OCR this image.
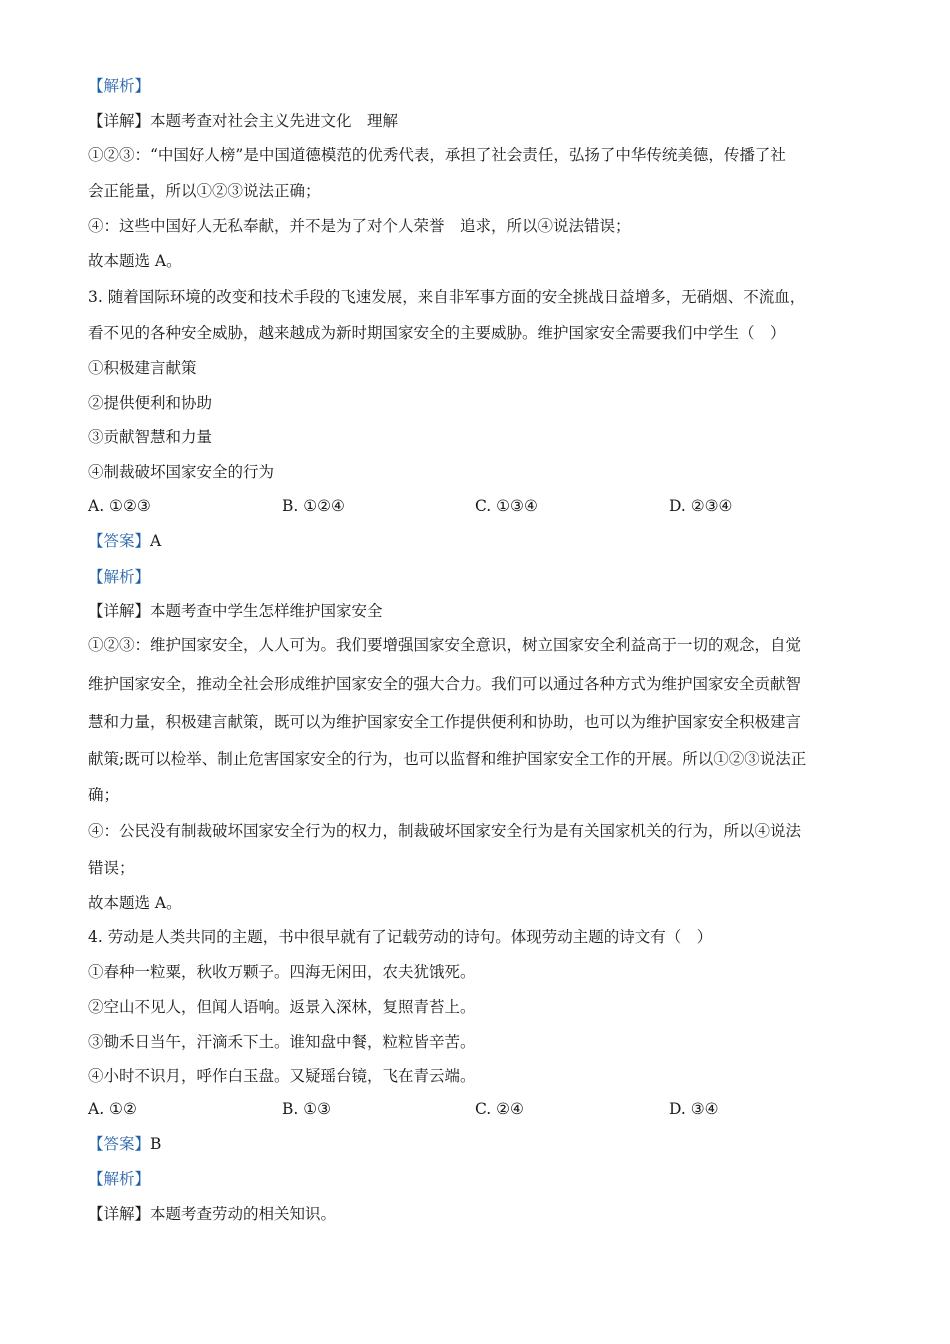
【解析】

【详解】本题考查对社会主义先进文化　理解

①②③：“中国好人榜”是中国道德模范的优秀代表，承担了社会责任，弘扬了中华传统美德，传播了社

会正能量，所以①②③说法正确；

④：这些中国好人无私奉献，并不是为了对个人荣誉　追求，所以④说法错误；

故本题选 A。

3. 随着国际环境的改变和技术手段的飞速发展，来自非军事方面的安全挑战日益增多，无硝烟、不流血，

看不见的各种安全威胁，越来越成为新时期国家安全的主要威胁。维护国家安全需要我们中学生（　）

①积极建言献策

②提供便利和协助

③贡献智慧和力量

④制裁破坏国家安全的行为

A. ①②③	B. ①②④	C. ①③④	D. ②③④

【答案】A

【解析】

【详解】本题考查中学生怎样维护国家安全

①②③：维护国家安全，人人可为。我们要增强国家安全意识，树立国家安全利益高于一切的观念，自觉

维护国家安全，推动全社会形成维护国家安全的强大合力。我们可以通过各种方式为维护国家安全贡献智

慧和力量，积极建言献策，既可以为维护国家安全工作提供便利和协助，也可以为维护国家安全积极建言

献策;既可以检举、制止危害国家安全的行为，也可以监督和维护国家安全工作的开展。所以①②③说法正

确；

④：公民没有制裁破坏国家安全行为的权力，制裁破坏国家安全行为是有关国家机关的行为，所以④说法

错误；

故本题选 A。

4. 劳动是人类共同的主题，书中很早就有了记载劳动的诗句。体现劳动主题的诗文有（　）

①春种一粒粟，秋收万颗子。四海无闲田，农夫犹饿死。

②空山不见人，但闻人语响。返景入深林，复照青苔上。

③锄禾日当午，汗滴禾下土。谁知盘中餐，粒粒皆辛苦。

④小时不识月，呼作白玉盘。又疑瑶台镜，飞在青云端。

A. ①②	B. ①③	C. ②④	D. ③④

【答案】B

【解析】

【详解】本题考查劳动的相关知识。
